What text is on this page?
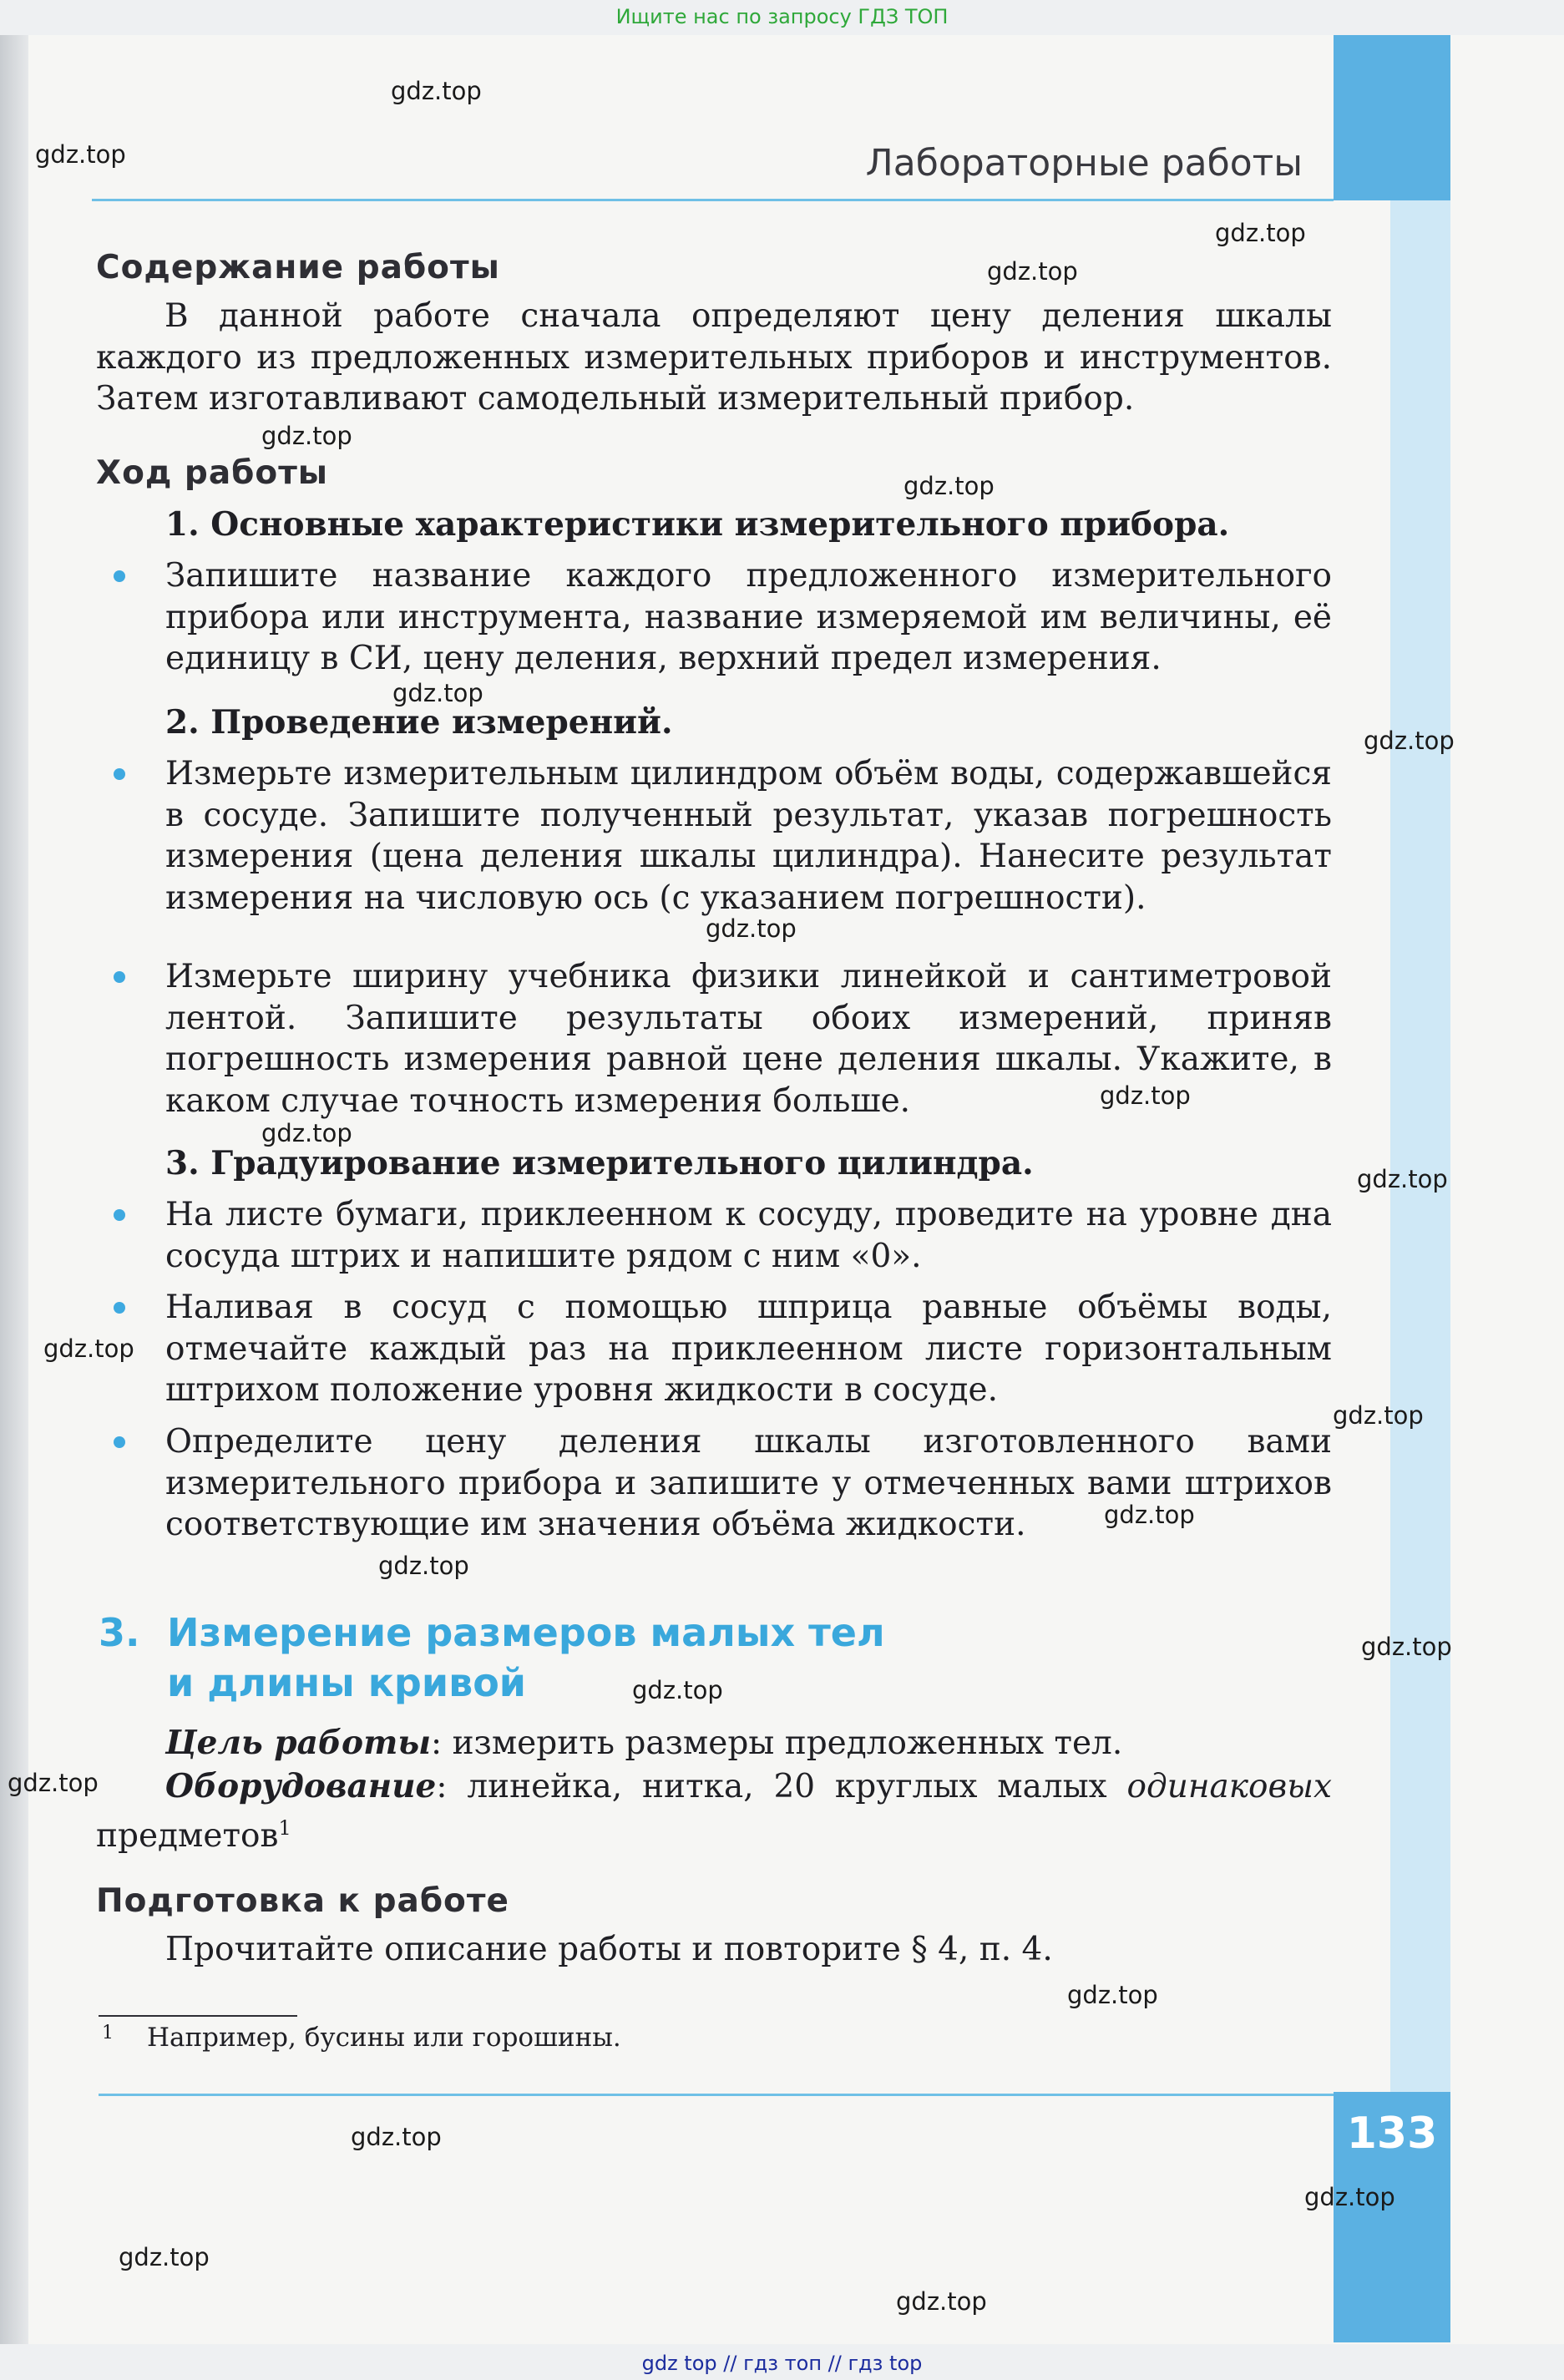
Ищите нас по запросу ГДЗ ТОП
133
Лабораторные работы
Содержание работы
В данной работе сначала определяют цену деления шкалы каждого из предложенных измерительных приборов и инструментов. Затем изготавливают самодельный измерительный прибор.
Ход работы
1. Основные характеристики измерительного прибора.
Запишите название каждого предложенного измерительного прибора или инструмента, название измеряемой им величины, её единицу в СИ, цену деления, верхний предел измерения.
2. Проведение измерений.
Измерьте измерительным цилиндром объём воды, содержавшейся в сосуде. Запишите полученный результат, указав погрешность измерения (цена деления шкалы цилиндра). Нанесите результат измерения на числовую ось (с указанием погрешности).
Измерьте ширину учебника физики линейкой и сантиметровой лентой. Запишите результаты обоих измерений, приняв погрешность измерения равной цене деления шкалы. Укажите, в каком случае точность измерения больше.
3. Градуирование измерительного цилиндра.
На листе бумаги, приклеенном к сосуду, проведите на уровне дна сосуда штрих и напишите рядом с ним «0».
Наливая в сосуд с помощью шприца равные объёмы воды, отмечайте каждый раз на приклеенном листе горизонтальным штрихом положение уровня жидкости в сосуде.
Определите цену деления шкалы изготовленного вами измерительного прибора и запишите у отмеченных вами штрихов соответствующие им значения объёма жидкости.
3. Измерение размеров малых тел
и длины кривой
Цель работы: измерить размеры предложенных тел.
Оборудование: линейка, нитка, 20 круглых малых одинаковых предметов$^1$
Подготовка к работе
Прочитайте описание работы и повторите § 4, п. 4.
$^1$ Например, бусины или горошины.
gdz.top
gdz.top
gdz.top
gdz.top
gdz.top
gdz.top
gdz.top
gdz.top
gdz.top
gdz.top
gdz.top
gdz.top
gdz.top
gdz.top
gdz.top
gdz.top
gdz.top
gdz.top
gdz.top
gdz.top
gdz.top
gdz.top
gdz.top
gdz.top
gdz top // гдз топ // гдз top
